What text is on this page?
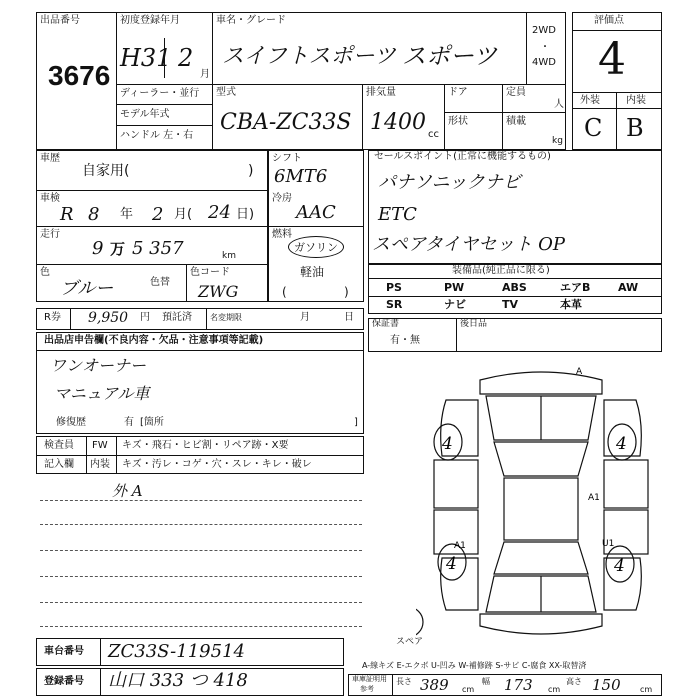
出品番号
3676
初度登録年月
H31 2
月
車名・グレード
スイフトスポーツ スポーツ
2WD
・
4WD
ディーラー・並行
モデル年式
ハンドル 左・右
型式
CBA-ZC33S
排気量
1400 cc
ドア	定員
人
形状	積載
kg
評価点
4
外装	内装
C B
車歴
自家用(	)
車検
R 8 年 2 月( 24 日)
走行
9 万 5 357	km
色
ブルー	色替
色コード
ZWG
シフト
6MT6
冷房
AAC
燃料
ガソリン
軽油
(	)
セールスポイント(正常に機能するもの)
パナソニックナビ
ETC
スペアタイヤセット OP
装備品(純正品に限る)
PS	PW	ABS	エアB	AW
SR	ナビ	TV	本革
R券 9,950 円 預託済 名変期限	月	日
保証書
有・無
後日品
出品店申告欄(不良内容・欠品・注意事項等記載)
ワンオーナー
マニュアル車
修復歴	有 [箇所	]
検査員
記入欄
FW キズ・飛石・ヒビ割・リペア跡・X要
内装 キズ・汚レ・コゲ・穴・スレ・キレ・破レ
外 A
4	4
4	4
A
A1
A1
U1
スペア
車台番号 ZC33S-119514
登録番号 山口 333 つ 418
A-線キズ E-エクボ U-凹み W-補修跡 S-サビ C-腐食 XX-取替済
車庫証明用
参考
長さ 389 cm
幅 173 cm
高さ 150 cm
